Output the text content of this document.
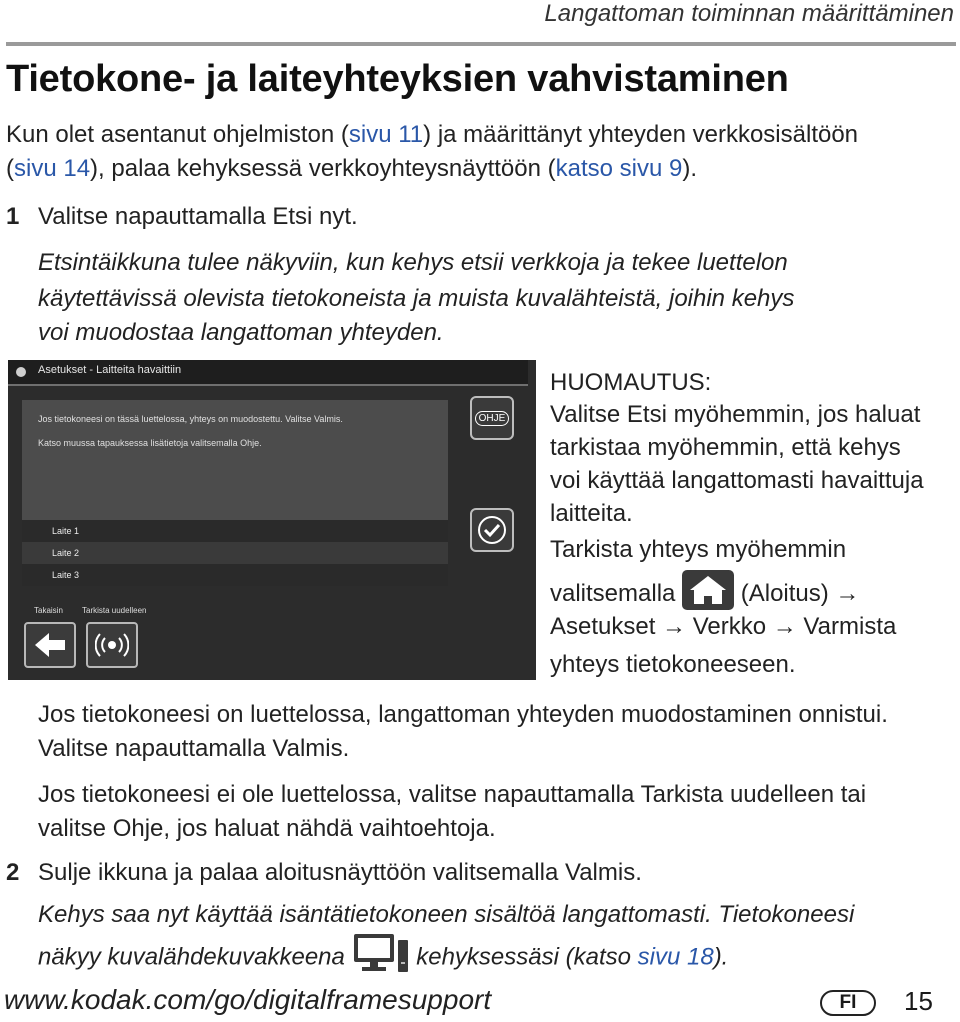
Langattoman toiminnan määrittäminen
Tietokone- ja laiteyhteyksien vahvistaminen
Kun olet asentanut ohjelmiston (sivu 11) ja määrittänyt yhteyden verkkosisältöön
(sivu 14), palaa kehyksessä verkkoyhteysnäyttöön (katso sivu 9).
1 Valitse napauttamalla Etsi nyt.
Etsintäikkuna tulee näkyviin, kun kehys etsii verkkoja ja tekee luettelon
käytettävissä olevista tietokoneista ja muista kuvalähteistä, joihin kehys
voi muodostaa langattoman yhteyden.
Asetukset - Laitteita havaittiin
Jos tietokoneesi on tässä luettelossa, yhteys on muodostettu. Valitse Valmis.
Katso muussa tapauksessa lisätietoja valitsemalla Ohje.
Laite 1
Laite 2
Laite 3
OHJE
Takaisin Tarkista uudelleen
HUOMAUTUS:
Valitse Etsi myöhemmin, jos haluat
tarkistaa myöhemmin, että kehys
voi käyttää langattomasti havaittuja
laitteita.
Tarkista yhteys myöhemmin
valitsemalla	(Aloitus) →
Asetukset → Verkko → Varmista
yhteys tietokoneeseen.
Jos tietokoneesi on luettelossa, langattoman yhteyden muodostaminen onnistui.
Valitse napauttamalla Valmis.
Jos tietokoneesi ei ole luettelossa, valitse napauttamalla Tarkista uudelleen tai
valitse Ohje, jos haluat nähdä vaihtoehtoja.
2 Sulje ikkuna ja palaa aloitusnäyttöön valitsemalla Valmis.
Kehys saa nyt käyttää isäntätietokoneen sisältöä langattomasti. Tietokoneesi
näkyy kuvalähdekuvakkeena	kehyksessäsi (katso sivu 18).
www.kodak.com/go/digitalframesupport	FI	15
